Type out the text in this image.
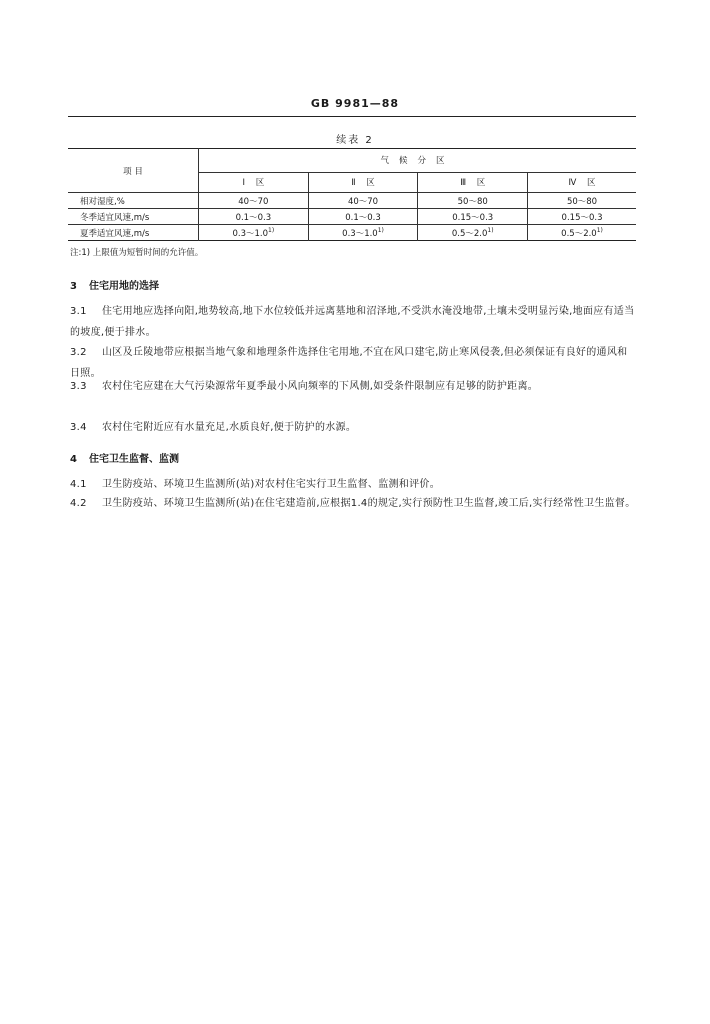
GB 9981—88
续表 2
项 目	气候分区			
	Ⅰ 区	Ⅱ 区	Ⅲ 区	Ⅳ 区
相对湿度,%	40～70	40～70	50～80	50～80
冬季适宜风速,m/s	0.1～0.3	0.1～0.3	0.15～0.3	0.15～0.3
夏季适宜风速,m/s	0.3～1.0$^{1)}$	0.3～1.0$^{1)}$	0.5～2.0$^{1)}$	0.5～2.0$^{1)}$
注:1) 上限值为短暂时间的允许值。
3 住宅用地的选择
3.1 住宅用地应选择向阳,地势较高,地下水位较低并远离墓地和沼泽地,不受洪水淹没地带,土壤未受明显污染,地面应有适当的坡度,便于排水。
3.2 山区及丘陵地带应根据当地气象和地理条件选择住宅用地,不宜在风口建宅,防止寒风侵袭,但必须保证有良好的通风和日照。
3.3 农村住宅应建在大气污染源常年夏季最小风向频率的下风侧,如受条件限制应有足够的防护距离。
3.4 农村住宅附近应有水量充足,水质良好,便于防护的水源。
4 住宅卫生监督、监测
4.1 卫生防疫站、环境卫生监测所(站)对农村住宅实行卫生监督、监测和评价。
4.2 卫生防疫站、环境卫生监测所(站)在住宅建造前,应根据1.4的规定,实行预防性卫生监督,竣工后,实行经常性卫生监督。
